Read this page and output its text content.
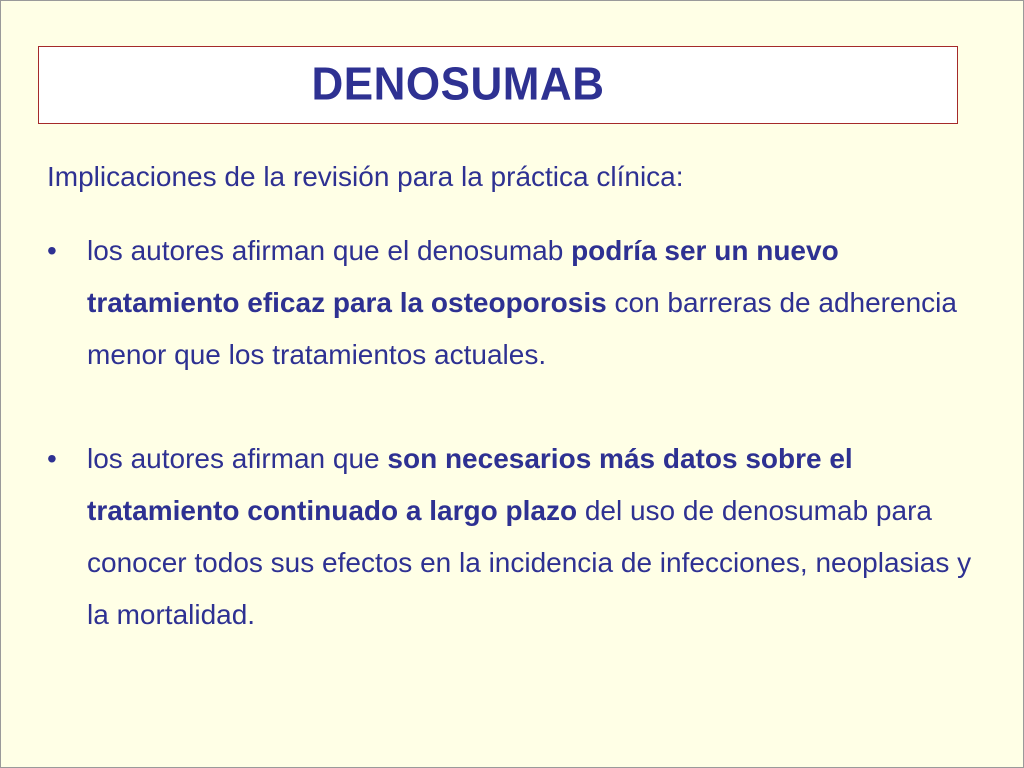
DENOSUMAB

Implicaciones de la revisión para la práctica clínica:

•	los autores afirman que el denosumab podría ser un nuevo tratamiento eficaz para la osteoporosis con barreras de adherencia menor que los tratamientos actuales.

•	los autores afirman que son necesarios más datos sobre el tratamiento continuado a largo plazo del uso de denosumab para conocer todos sus efectos en la incidencia de infecciones, neoplasias y la mortalidad.
